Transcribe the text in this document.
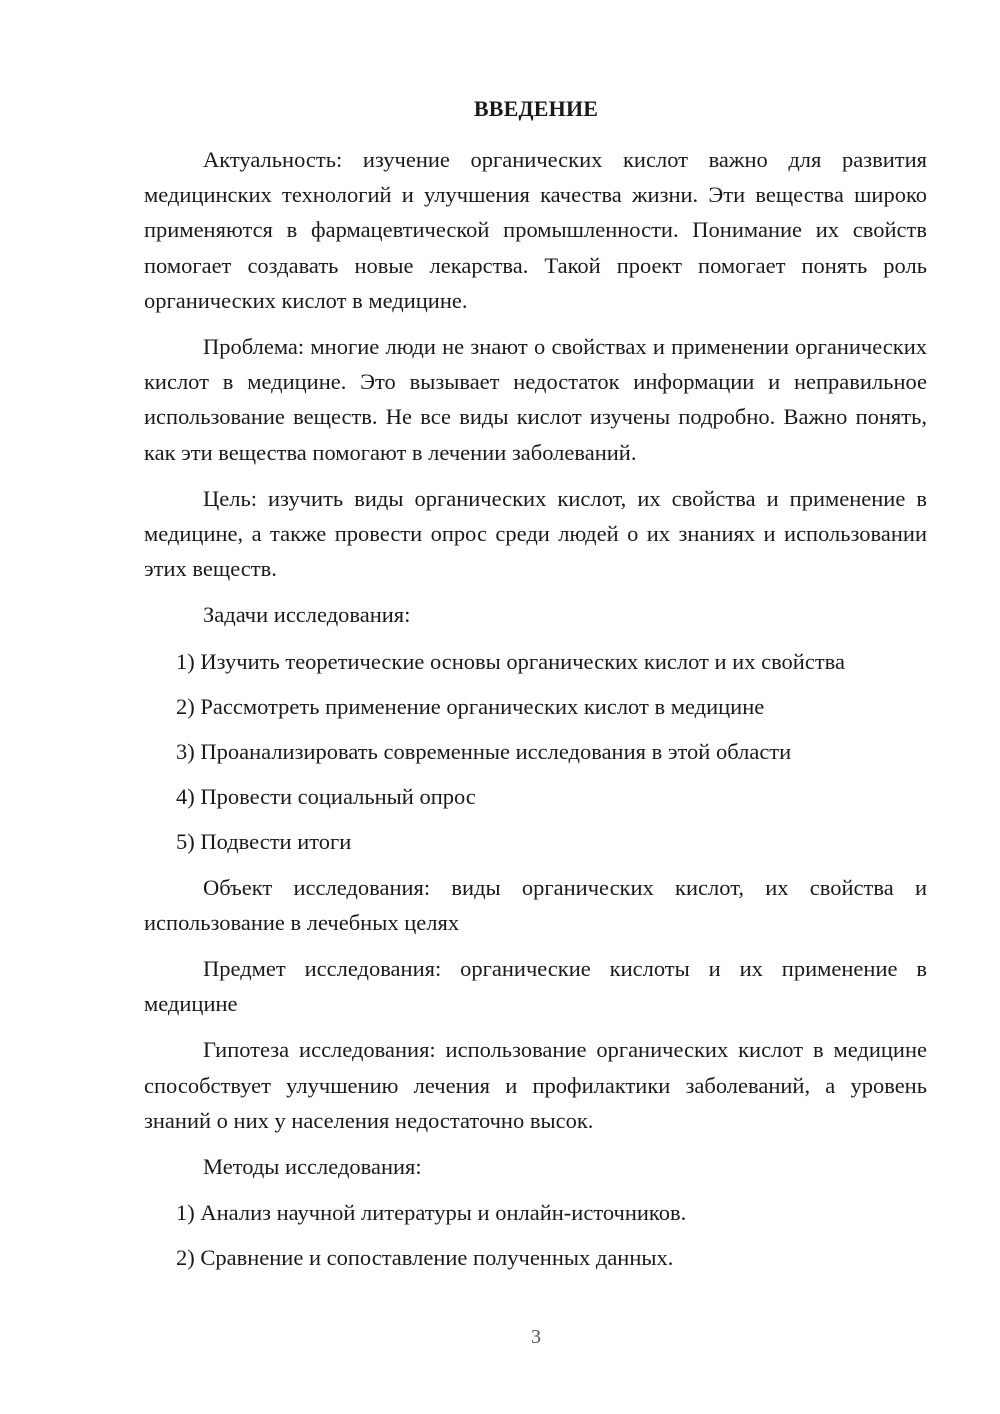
ВВЕДЕНИЕ

Актуальность: изучение органических кислот важно для развития медицинских технологий и улучшения качества жизни. Эти вещества широко применяются в фармацевтической промышленности. Понимание их свойств помогает создавать новые лекарства. Такой проект помогает понять роль органических кислот в медицине.

Проблема: многие люди не знают о свойствах и применении органических кислот в медицине. Это вызывает недостаток информации и неправильное использование веществ. Не все виды кислот изучены подробно. Важно понять, как эти вещества помогают в лечении заболеваний.

Цель: изучить виды органических кислот, их свойства и применение в медицине, а также провести опрос среди людей о их знаниях и использовании этих веществ.

Задачи исследования:

1) Изучить теоретические основы органических кислот и их свойства

2) Рассмотреть применение органических кислот в медицине

3) Проанализировать современные исследования в этой области

4) Провести социальный опрос

5) Подвести итоги

Объект исследования: виды органических кислот, их свойства и использование в лечебных целях

Предмет исследования: органические кислоты и их применение в медицине

Гипотеза исследования: использование органических кислот в медицине способствует улучшению лечения и профилактики заболеваний, а уровень знаний о них у населения недостаточно высок.

Методы исследования:

1) Анализ научной литературы и онлайн-источников.

2) Сравнение и сопоставление полученных данных.

3
